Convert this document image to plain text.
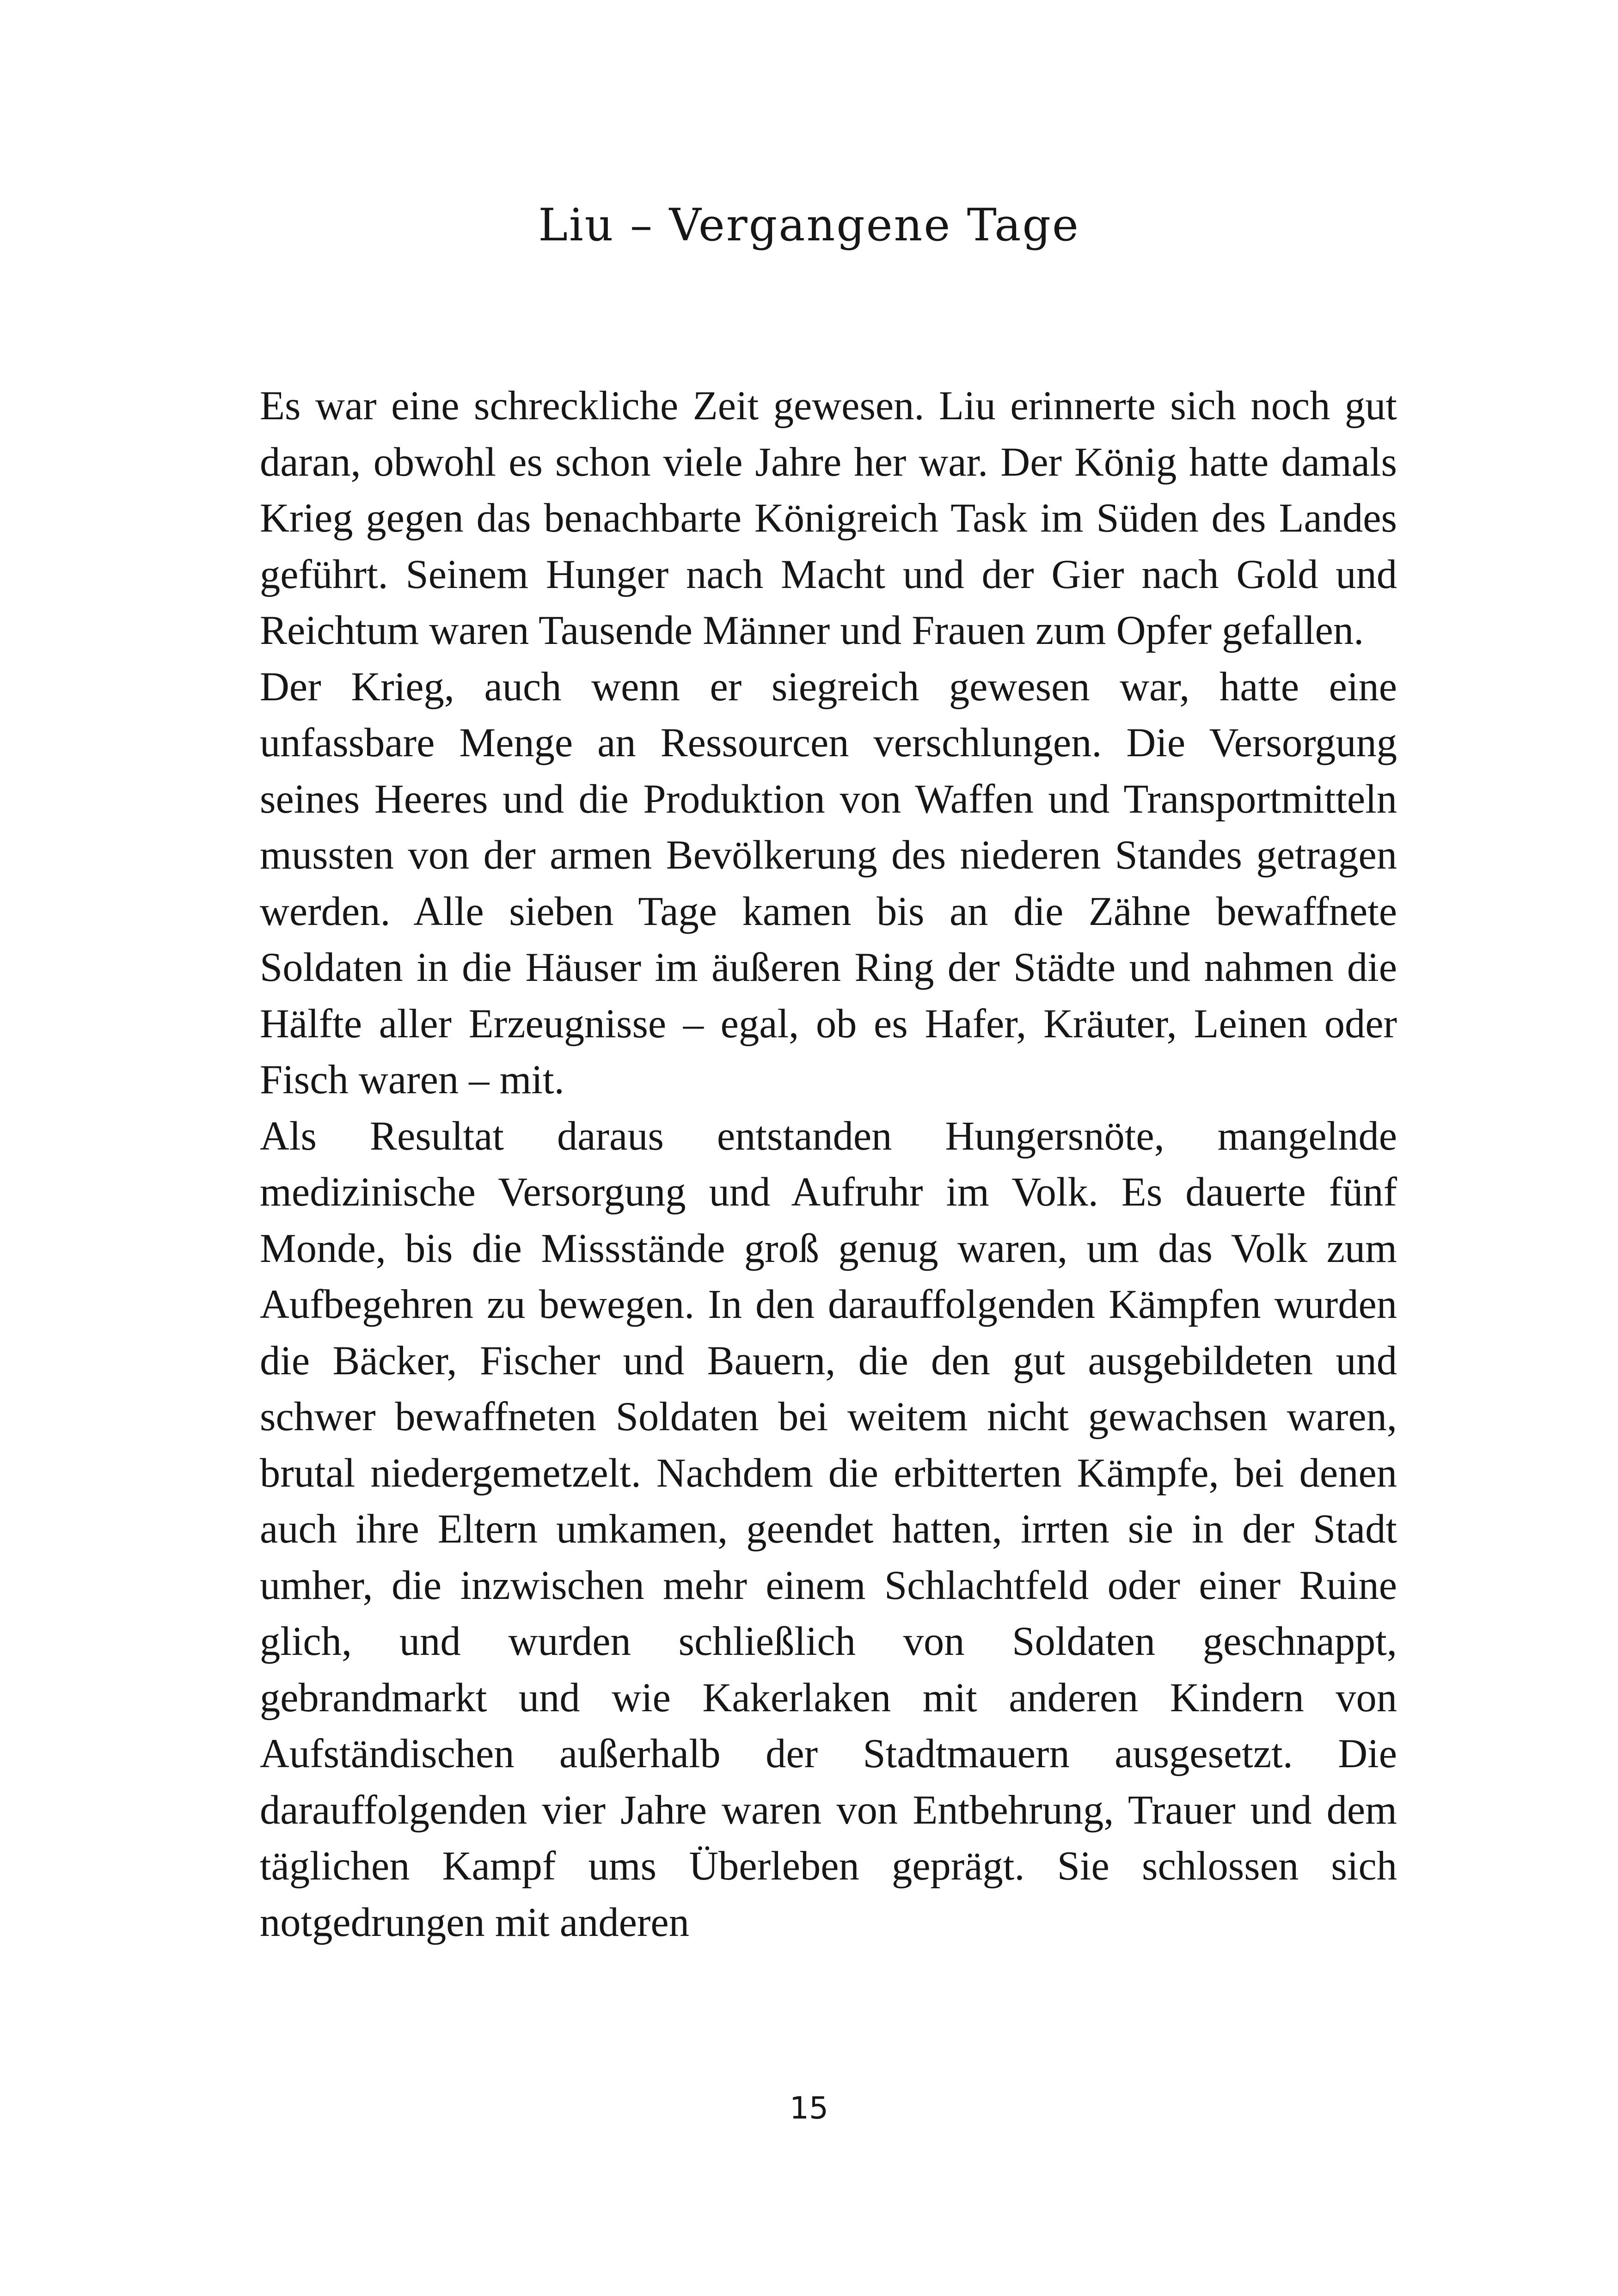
Liu – Vergangene Tage

Es war eine schreckliche Zeit gewesen. Liu erinnerte sich noch gut daran, obwohl es schon viele Jahre her war. Der König hatte damals Krieg gegen das benachbarte Königreich Task im Süden des Landes geführt. Seinem Hunger nach Macht und der Gier nach Gold und Reichtum waren Tausende Männer und Frauen zum Opfer gefallen.

Der Krieg, auch wenn er siegreich gewesen war, hatte eine unfassbare Menge an Ressourcen verschlungen. Die Versorgung seines Heeres und die Produktion von Waffen und Transportmitteln mussten von der armen Bevölkerung des niederen Standes getragen werden. Alle sieben Tage kamen bis an die Zähne bewaffnete Soldaten in die Häuser im äußeren Ring der Städte und nahmen die Hälfte aller Erzeugnisse – egal, ob es Hafer, Kräuter, Leinen oder Fisch waren – mit.

Als Resultat daraus entstanden Hungersnöte, mangelnde medizinische Versorgung und Aufruhr im Volk. Es dauerte fünf Monde, bis die Missstände groß genug waren, um das Volk zum Aufbegehren zu bewegen. In den darauffolgenden Kämpfen wurden die Bäcker, Fischer und Bauern, die den gut ausgebildeten und schwer bewaffneten Soldaten bei weitem nicht gewachsen waren, brutal niedergemetzelt. Nachdem die erbitterten Kämpfe, bei denen auch ihre Eltern umkamen, geendet hatten, irrten sie in der Stadt umher, die inzwischen mehr einem Schlachtfeld oder einer Ruine glich, und wurden schließlich von Soldaten geschnappt, gebrandmarkt und wie Kakerlaken mit anderen Kindern von Aufständischen außerhalb der Stadtmauern ausgesetzt. Die darauffolgenden vier Jahre waren von Entbehrung, Trauer und dem täglichen Kampf ums Überleben geprägt. Sie schlossen sich notgedrungen mit anderen

15
